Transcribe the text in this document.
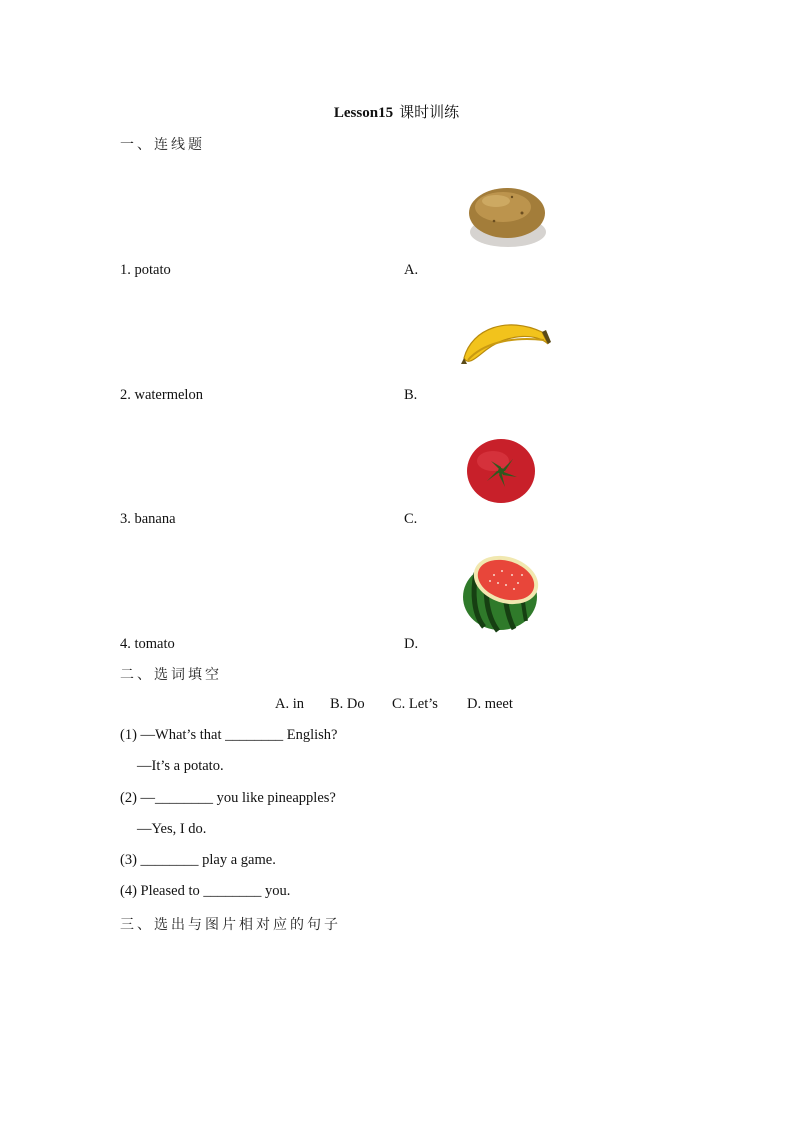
Lesson15 课时训练
一、连线题
1. potato	A.
2. watermelon	B.
3. banana	C.
4. tomato	D.
二、选词填空
A. in B. Do C. Let’s D. meet
(1) —What’s that ________ English?
—It’s a potato.
(2) —________ you like pineapples?
—Yes, I do.
(3) ________ play a game.
(4) Pleased to ________ you.
三、选出与图片相对应的句子
